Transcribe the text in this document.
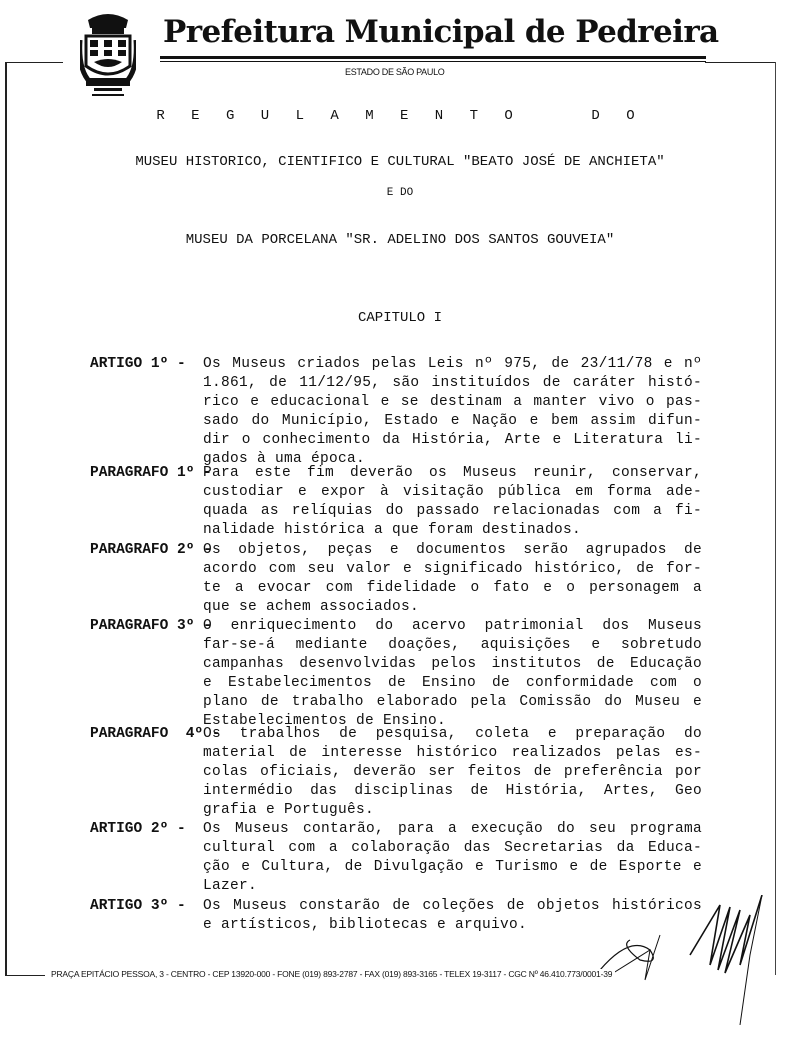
Prefeitura Municipal de Pedreira
ESTADO DE SÃO PAULO
R E G U L A M E N T O    D O
MUSEU HISTORICO, CIENTIFICO E CULTURAL "BEATO JOSÉ DE ANCHIETA"
E DO
MUSEU DA PORCELANA "SR. ADELINO DOS SANTOS GOUVEIA"
CAPITULO I
ARTIGO 1º - Os Museus criados pelas Leis nº 975, de 23/11/78 e nº
1.861, de 11/12/95, são instituídos de caráter histó-
rico e educacional e se destinam a manter vivo o pas-
sado do Município, Estado e Nação e bem assim difun-
dir o conhecimento da História, Arte e Literatura li-
gados à uma época.
PARAGRAFO 1º -
Para este fim deverão os Museus reunir, conservar,
custodiar e expor à visitação pública em forma ade-
quada as relíquias do passado relacionadas com a fi-
nalidade histórica a que foram destinados.
PARAGRAFO 2º -
Os objetos, peças e documentos serão agrupados de
acordo com seu valor e significado histórico, de for-
te a evocar com fidelidade o fato e o personagem a
que se achem associados.
PARAGRAFO 3º -
O enriquecimento do acervo patrimonial dos Museus
far-se-á mediante doações, aquisições e sobretudo
campanhas desenvolvidas pelos institutos de Educação
e Estabelecimentos de Ensino de conformidade com o
plano de trabalho elaborado pela Comissão do Museu e
Estabelecimentos de Ensino.
PARAGRAFO  4º -
Os trabalhos de pesquisa, coleta e preparação do
material de interesse histórico realizados pelas es-
colas oficiais, deverão ser feitos de preferência por
intermédio das disciplinas de História, Artes, Geo
grafia e Português.
ARTIGO 2º - Os Museus contarão, para a execução do seu programa
cultural com a colaboração das Secretarias da Educa-
ção e Cultura, de Divulgação e Turismo e de Esporte e
Lazer.
ARTIGO 3º - Os Museus constarão de coleções de objetos históricos
e artísticos, bibliotecas e arquivo.
PRAÇA EPITÁCIO PESSOA, 3 - CENTRO - CEP 13920-000 - FONE (019) 893-2787 - FAX (019) 893-3165 - TELEX 19-3117 - CGC Nº 46.410.773/0001-39
